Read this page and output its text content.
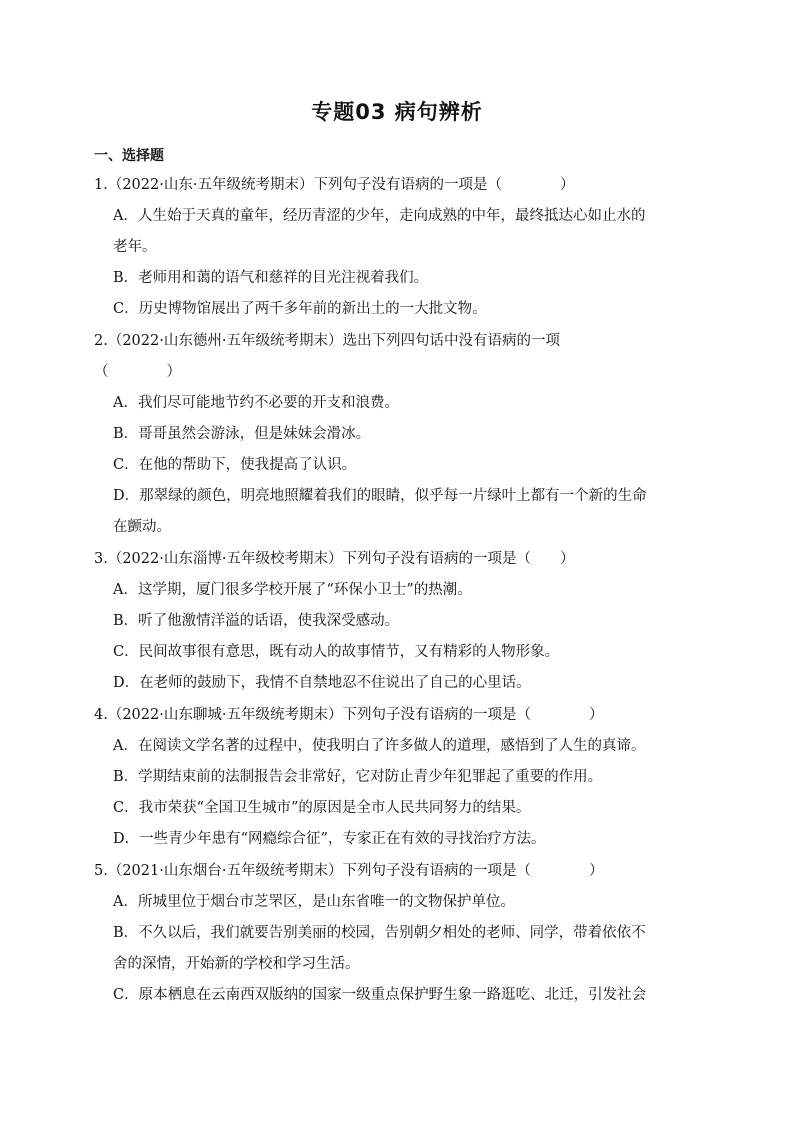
专题03 病句辨析
一、选择题
1.（2022·山东·五年级统考期末）下列句子没有语病的一项是（　　　　）
A．人生始于天真的童年，经历青涩的少年，走向成熟的中年，最终抵达心如止水的
老年。
B．老师用和蔼的语气和慈祥的目光注视着我们。
C．历史博物馆展出了两千多年前的新出土的一大批文物。
2.（2022·山东德州·五年级统考期末）选出下列四句话中没有语病的一项
（　　　　）
A．我们尽可能地节约不必要的开支和浪费。
B．哥哥虽然会游泳，但是妹妹会滑冰。
C．在他的帮助下，使我提高了认识。
D．那翠绿的颜色，明亮地照耀着我们的眼睛，似乎每一片绿叶上都有一个新的生命
在颤动。
3.（2022·山东淄博·五年级校考期末）下列句子没有语病的一项是（　　）
A．这学期，厦门很多学校开展了“环保小卫士”的热潮。
B．听了他激情洋溢的话语，使我深受感动。
C．民间故事很有意思，既有动人的故事情节，又有精彩的人物形象。
D．在老师的鼓励下，我情不自禁地忍不住说出了自己的心里话。
4.（2022·山东聊城·五年级统考期末）下列句子没有语病的一项是（　　　　）
A．在阅读文学名著的过程中，使我明白了许多做人的道理，感悟到了人生的真谛。
B．学期结束前的法制报告会非常好，它对防止青少年犯罪起了重要的作用。
C．我市荣获“全国卫生城市”的原因是全市人民共同努力的结果。
D．一些青少年患有“网瘾综合征”，专家正在有效的寻找治疗方法。
5.（2021·山东烟台·五年级统考期末）下列句子没有语病的一项是（　　　　）
A．所城里位于烟台市芝罘区，是山东省唯一的文物保护单位。
B．不久以后，我们就要告别美丽的校园，告别朝夕相处的老师、同学，带着依依不
舍的深情，开始新的学校和学习生活。
C．原本栖息在云南西双版纳的国家一级重点保护野生象一路逛吃、北迁，引发社会
